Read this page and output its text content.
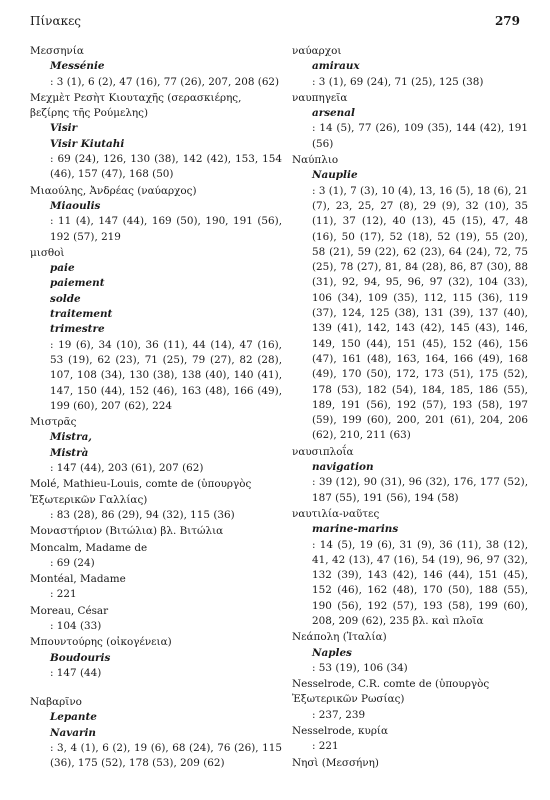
Πίνακες	279
Μεσσηνία
Messénie
: 3 (1), 6 (2), 47 (16), 77 (26), 207, 208 (62)
Μεχμὲτ Ρεσὴτ Κιουταχῆς (σερασκιέρης, βεζίρης τῆς Ρούμελης)
Visir
Visir Kiutahi
: 69 (24), 126, 130 (38), 142 (42), 153, 154 (46), 157 (47), 168 (50)
Μιαούλης, Ἀνδρέας (ναύαρχος)
Miaoulis
: 11 (4), 147 (44), 169 (50), 190, 191 (56), 192 (57), 219
μισθοὶ
paie
paiement
solde
traitement
trimestre
: 19 (6), 34 (10), 36 (11), 44 (14), 47 (16), 53 (19), 62 (23), 71 (25), 79 (27), 82 (28), 107, 108 (34), 130 (38), 138 (40), 140 (41), 147, 150 (44), 152 (46), 163 (48), 166 (49), 199 (60), 207 (62), 224
Μιστρᾶς
Mistra,
Mistrà
: 147 (44), 203 (61), 207 (62)
Molé, Mathieu-Louis, comte de (ὑπουργὸς Ἐξωτερικῶν Γαλλίας)
: 83 (28), 86 (29), 94 (32), 115 (36)
Μοναστήριον (Βιτώλια) βλ. Βιτώλια
Moncalm, Madame de
: 69 (24)
Montéal, Madame
: 221
Moreau, César
: 104 (33)
Μπουντούρης (οἰκογένεια)
Boudouris
: 147 (44)
Ναβαρῖνο
Lepante
Navarin
: 3, 4 (1), 6 (2), 19 (6), 68 (24), 76 (26), 115 (36), 175 (52), 178 (53), 209 (62)
ναύαρχοι
amiraux
: 3 (1), 69 (24), 71 (25), 125 (38)
ναυπηγεῖα
arsenal
: 14 (5), 77 (26), 109 (35), 144 (42), 191 (56)
Ναύπλιο
Nauplie
: 3 (1), 7 (3), 10 (4), 13, 16 (5), 18 (6), 21 (7), 23, 25, 27 (8), 29 (9), 32 (10), 35 (11), 37 (12), 40 (13), 45 (15), 47, 48 (16), 50 (17), 52 (18), 52 (19), 55 (20), 58 (21), 59 (22), 62 (23), 64 (24), 72, 75 (25), 78 (27), 81, 84 (28), 86, 87 (30), 88 (31), 92, 94, 95, 96, 97 (32), 104 (33), 106 (34), 109 (35), 112, 115 (36), 119 (37), 124, 125 (38), 131 (39), 137 (40), 139 (41), 142, 143 (42), 145 (43), 146, 149, 150 (44), 151 (45), 152 (46), 156 (47), 161 (48), 163, 164, 166 (49), 168 (49), 170 (50), 172, 173 (51), 175 (52), 178 (53), 182 (54), 184, 185, 186 (55), 189, 191 (56), 192 (57), 193 (58), 197 (59), 199 (60), 200, 201 (61), 204, 206 (62), 210, 211 (63)
ναυσιπλοΐα
navigation
: 39 (12), 90 (31), 96 (32), 176, 177 (52), 187 (55), 191 (56), 194 (58)
ναυτιλία-ναῦτες
marine-marins
: 14 (5), 19 (6), 31 (9), 36 (11), 38 (12), 41, 42 (13), 47 (16), 54 (19), 96, 97 (32), 132 (39), 143 (42), 146 (44), 151 (45), 152 (46), 162 (48), 170 (50), 188 (55), 190 (56), 192 (57), 193 (58), 199 (60), 208, 209 (62), 235 βλ. καὶ πλοῖα
Νεάπολη (Ἰταλία)
Naples
: 53 (19), 106 (34)
Nesselrode, C.R. comte de (ὑπουργὸς Ἐξωτερικῶν Ρωσίας)
: 237, 239
Nesselrode, κυρία
: 221
Νησὶ (Μεσσήνη)
